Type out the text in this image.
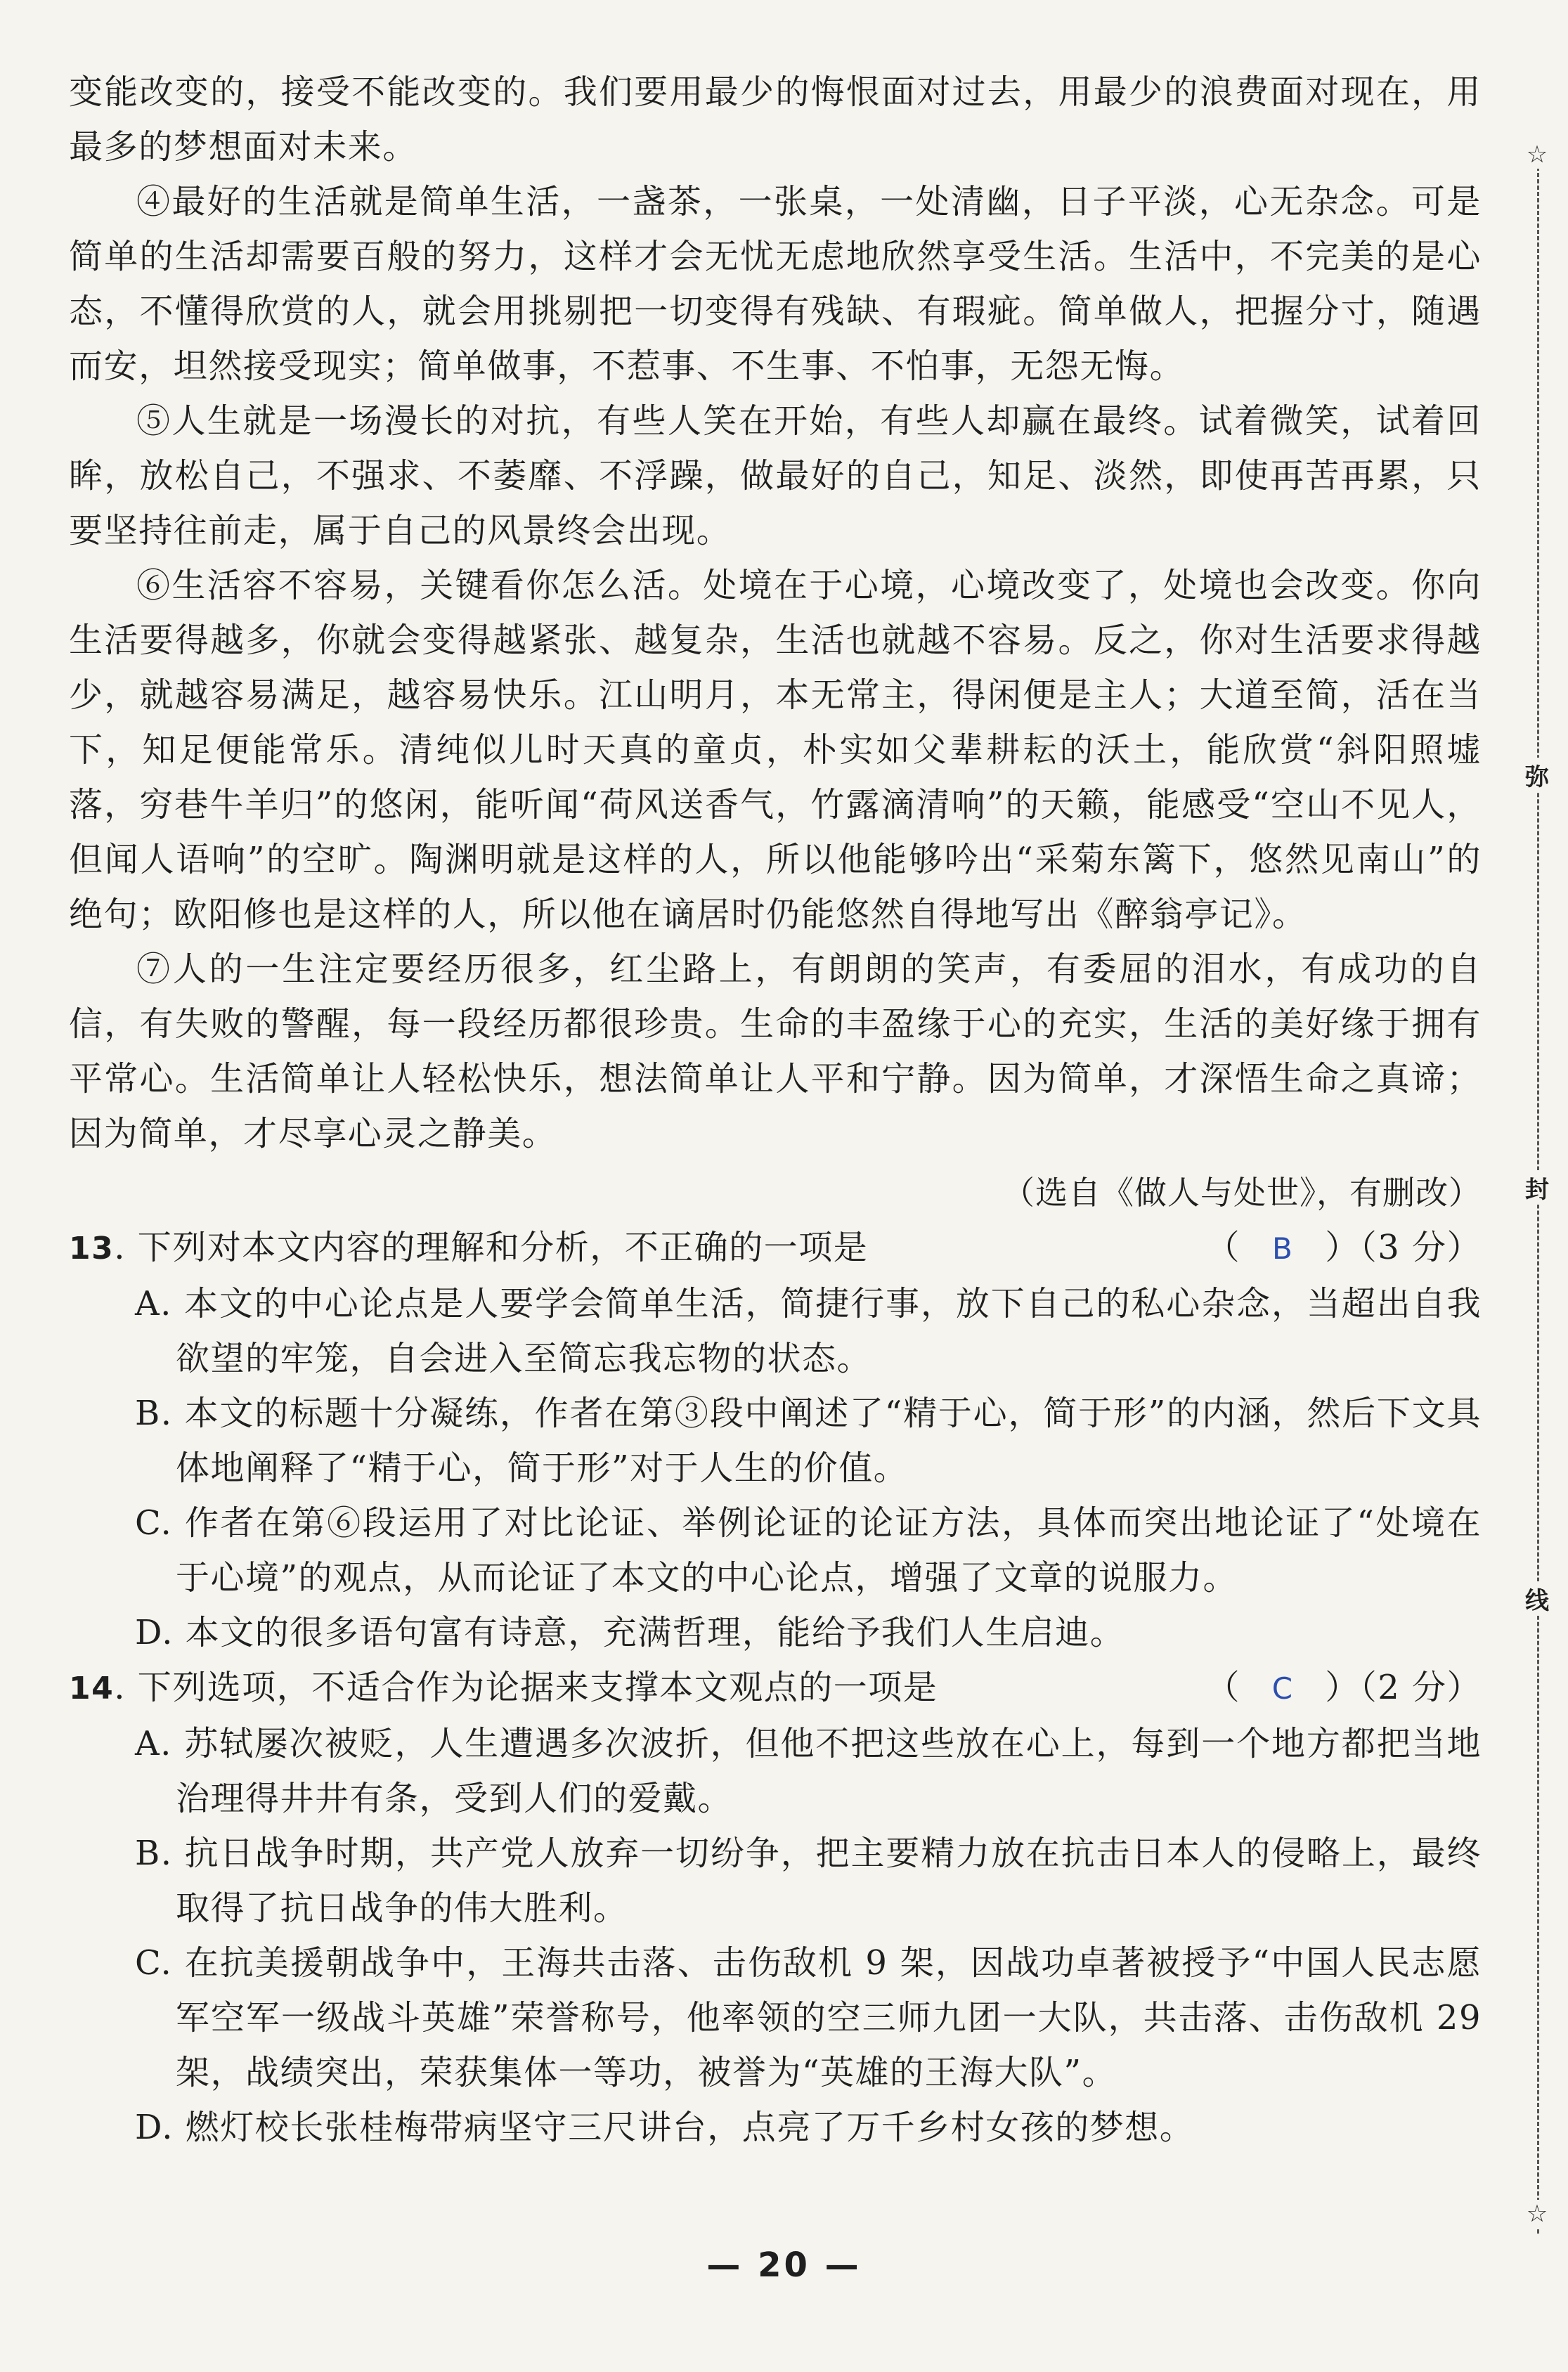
变能改变的，接受不能改变的。我们要用最少的悔恨面对过去，用最少的浪费面对现在，用最多的梦想面对未来。

④最好的生活就是简单生活，一盏茶，一张桌，一处清幽，日子平淡，心无杂念。可是简单的生活却需要百般的努力，这样才会无忧无虑地欣然享受生活。生活中，不完美的是心态，不懂得欣赏的人，就会用挑剔把一切变得有残缺、有瑕疵。简单做人，把握分寸，随遇而安，坦然接受现实；简单做事，不惹事、不生事、不怕事，无怨无悔。

⑤人生就是一场漫长的对抗，有些人笑在开始，有些人却赢在最终。试着微笑，试着回眸，放松自己，不强求、不萎靡、不浮躁，做最好的自己，知足、淡然，即使再苦再累，只要坚持往前走，属于自己的风景终会出现。

⑥生活容不容易，关键看你怎么活。处境在于心境，心境改变了，处境也会改变。你向生活要得越多，你就会变得越紧张、越复杂，生活也就越不容易。反之，你对生活要求得越少，就越容易满足，越容易快乐。江山明月，本无常主，得闲便是主人；大道至简，活在当下，知足便能常乐。清纯似儿时天真的童贞，朴实如父辈耕耘的沃土，能欣赏“斜阳照墟落，穷巷牛羊归”的悠闲，能听闻“荷风送香气，竹露滴清响”的天籁，能感受“空山不见人，但闻人语响”的空旷。陶渊明就是这样的人，所以他能够吟出“采菊东篱下，悠然见南山”的绝句；欧阳修也是这样的人，所以他在谪居时仍能悠然自得地写出《醉翁亭记》。

⑦人的一生注定要经历很多，红尘路上，有朗朗的笑声，有委屈的泪水，有成功的自信，有失败的警醒，每一段经历都很珍贵。生命的丰盈缘于心的充实，生活的美好缘于拥有平常心。生活简单让人轻松快乐，想法简单让人平和宁静。因为简单，才深悟生命之真谛；因为简单，才尽享心灵之静美。

（选自《做人与处世》，有删改）

13. 下列对本文内容的理解和分析，不正确的一项是	（ B ）（3 分）

A. 本文的中心论点是人要学会简单生活，简捷行事，放下自己的私心杂念，当超出自我欲望的牢笼，自会进入至简忘我忘物的状态。

B. 本文的标题十分凝练，作者在第③段中阐述了“精于心，简于形”的内涵，然后下文具体地阐释了“精于心，简于形”对于人生的价值。

C. 作者在第⑥段运用了对比论证、举例论证的论证方法，具体而突出地论证了“处境在于心境”的观点，从而论证了本文的中心论点，增强了文章的说服力。

D. 本文的很多语句富有诗意，充满哲理，能给予我们人生启迪。

14. 下列选项，不适合作为论据来支撑本文观点的一项是	（ C ）（2 分）

A. 苏轼屡次被贬，人生遭遇多次波折，但他不把这些放在心上，每到一个地方都把当地治理得井井有条，受到人们的爱戴。

B. 抗日战争时期，共产党人放弃一切纷争，把主要精力放在抗击日本人的侵略上，最终取得了抗日战争的伟大胜利。

C. 在抗美援朝战争中，王海共击落、击伤敌机 9 架，因战功卓著被授予“中国人民志愿军空军一级战斗英雄”荣誉称号，他率领的空三师九团一大队，共击落、击伤敌机 29 架，战绩突出，荣获集体一等功，被誉为“英雄的王海大队”。

D. 燃灯校长张桂梅带病坚守三尺讲台，点亮了万千乡村女孩的梦想。

☆
弥
封
线
☆
— 20 —
